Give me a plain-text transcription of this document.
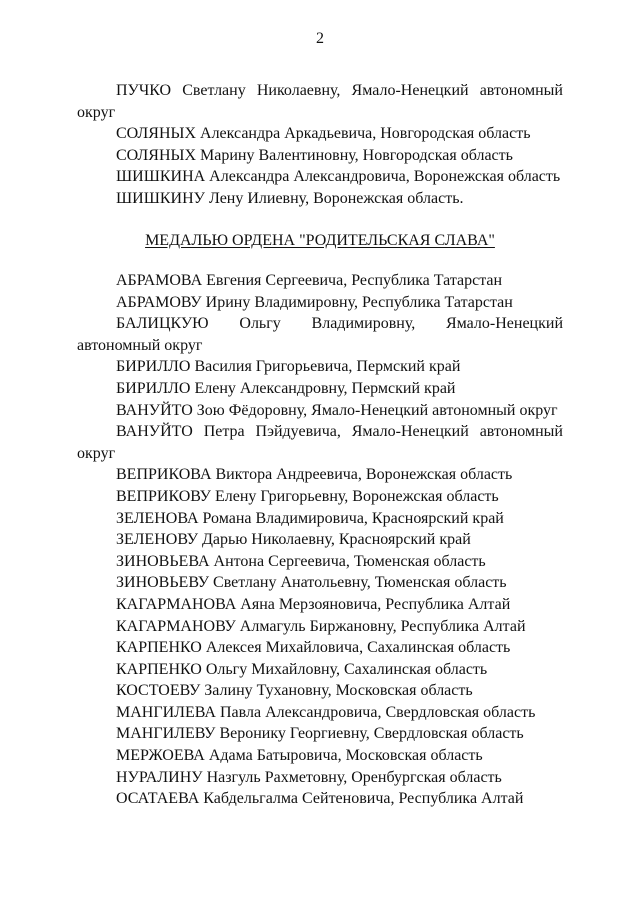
2

ПУЧКО Светлану Николаевну, Ямало-Ненецкий автономный

округ

СОЛЯНЫХ Александра Аркадьевича, Новгородская область

СОЛЯНЫХ Марину Валентиновну, Новгородская область

ШИШКИНА Александра Александровича, Воронежская область

ШИШКИНУ Лену Илиевну, Воронежская область.

МЕДАЛЬЮ ОРДЕНА "РОДИТЕЛЬСКАЯ СЛАВА"

АБРАМОВА Евгения Сергеевича, Республика Татарстан

АБРАМОВУ Ирину Владимировну, Республика Татарстан

БАЛИЦКУЮ Ольгу Владимировну, Ямало-Ненецкий

автономный округ

БИРИЛЛО Василия Григорьевича, Пермский край

БИРИЛЛО Елену Александровну, Пермский край

ВАНУЙТО Зою Фёдоровну, Ямало-Ненецкий автономный округ

ВАНУЙТО Петра Пэйдуевича, Ямало-Ненецкий автономный

округ

ВЕПРИКОВА Виктора Андреевича, Воронежская область

ВЕПРИКОВУ Елену Григорьевну, Воронежская область

ЗЕЛЕНОВА Романа Владимировича, Красноярский край

ЗЕЛЕНОВУ Дарью Николаевну, Красноярский край

ЗИНОВЬЕВА Антона Сергеевича, Тюменская область

ЗИНОВЬЕВУ Светлану Анатольевну, Тюменская область

КАГАРМАНОВА Аяна Мерзояновича, Республика Алтай

КАГАРМАНОВУ Алмагуль Биржановну, Республика Алтай

КАРПЕНКО Алексея Михайловича, Сахалинская область

КАРПЕНКО Ольгу Михайловну, Сахалинская область

КОСТОЕВУ Залину Тухановну, Московская область

МАНГИЛЕВА Павла Александровича, Свердловская область

МАНГИЛЕВУ Веронику Георгиевну, Свердловская область

МЕРЖОЕВА Адама Батыровича, Московская область

НУРАЛИНУ Назгуль Рахметовну, Оренбургская область

ОСАТАЕВА Кабдельгалма Сейтеновича, Республика Алтай
